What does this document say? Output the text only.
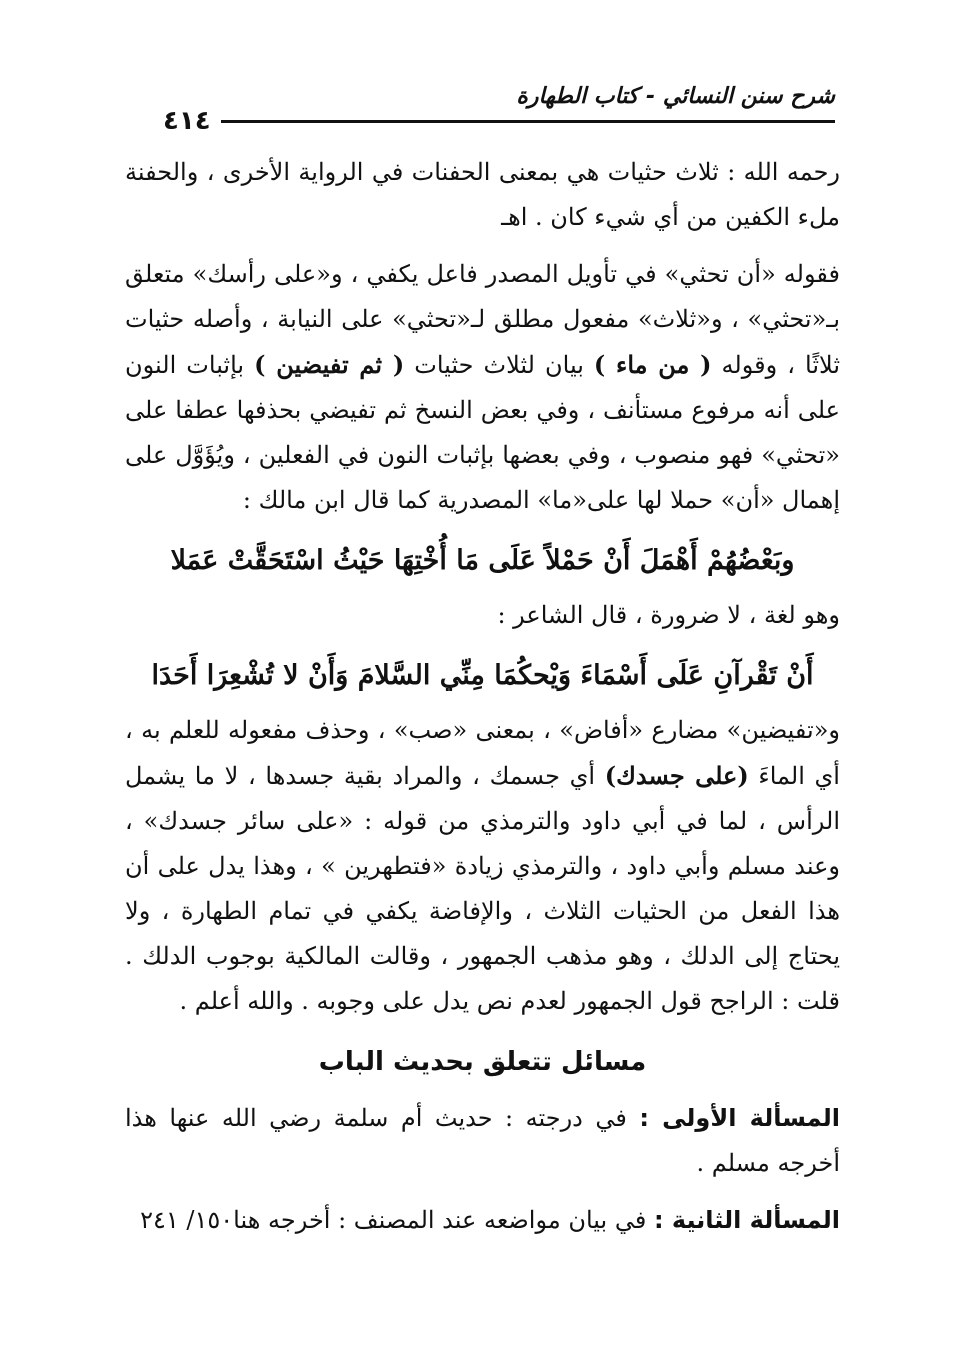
شرح سنن النسائي - كتاب الطهارة
٤١٤

رحمه الله : ثلاث حثيات هي بمعنى الحفنات في الرواية الأخرى ، والحفنة ملء الكفين من أي شيء كان . اهـ

فقوله «أن تحثي» في تأويل المصدر فاعل يكفي ، و«على رأسك» متعلق بـ«تحثي» ، و«ثلاث» مفعول مطلق لـ«تحثي» على النيابة ، وأصله حثيات ثلاثًا ، وقوله ( من ماء ) بيان لثلاث حثيات ( ثم تفيضين ) بإثبات النون على أنه مرفوع مستأنف ، وفي بعض النسخ ثم تفيضي بحذفها عطفا على «تحثي» فهو منصوب ، وفي بعضها بإثبات النون في الفعلين ، ويُؤَوَّل على إهمال «أن» حملا لها على«ما» المصدرية كما قال ابن مالك :

وبَعْضُهُمْ أَهْمَلَ أَنْ حَمْلاً عَلَى مَا أُخْتِهَا حَيْثُ اسْتَحَقَّتْ عَمَلا

وهو لغة ، لا ضرورة ، قال الشاعر :

أَنْ تَقْرآنِ عَلَى أَسْمَاءَ وَيْحكُمَا مِنِّي السَّلامَ وَأَنْ لا تُشْعِرَا أَحَدَا

و«تفيضين» مضارع «أفاض» ، بمعنى «صب» ، وحذف مفعوله للعلم به ، أي الماءَ (على جسدك) أي جسمك ، والمراد بقية جسدها ، لا ما يشمل الرأس ، لما في أبي داود والترمذي من قوله : «على سائر جسدك» ، وعند مسلم وأبي داود ، والترمذي زيادة «فتطهرين » ، وهذا يدل على أن هذا الفعل من الحثيات الثلاث ، والإفاضة يكفي في تمام الطهارة ، ولا يحتاج إلى الدلك ، وهو مذهب الجمهور ، وقالت المالكية بوجوب الدلك . قلت : الراجح قول الجمهور لعدم نص يدل على وجوبه . والله أعلم .

مسائل تتعلق بحديث الباب

المسألة الأولى : في درجته : حديث أم سلمة رضي الله عنها هذا أخرجه مسلم .

المسألة الثانية : في بيان مواضعه عند المصنف : أخرجه هنا١٥٠/ ٢٤١
